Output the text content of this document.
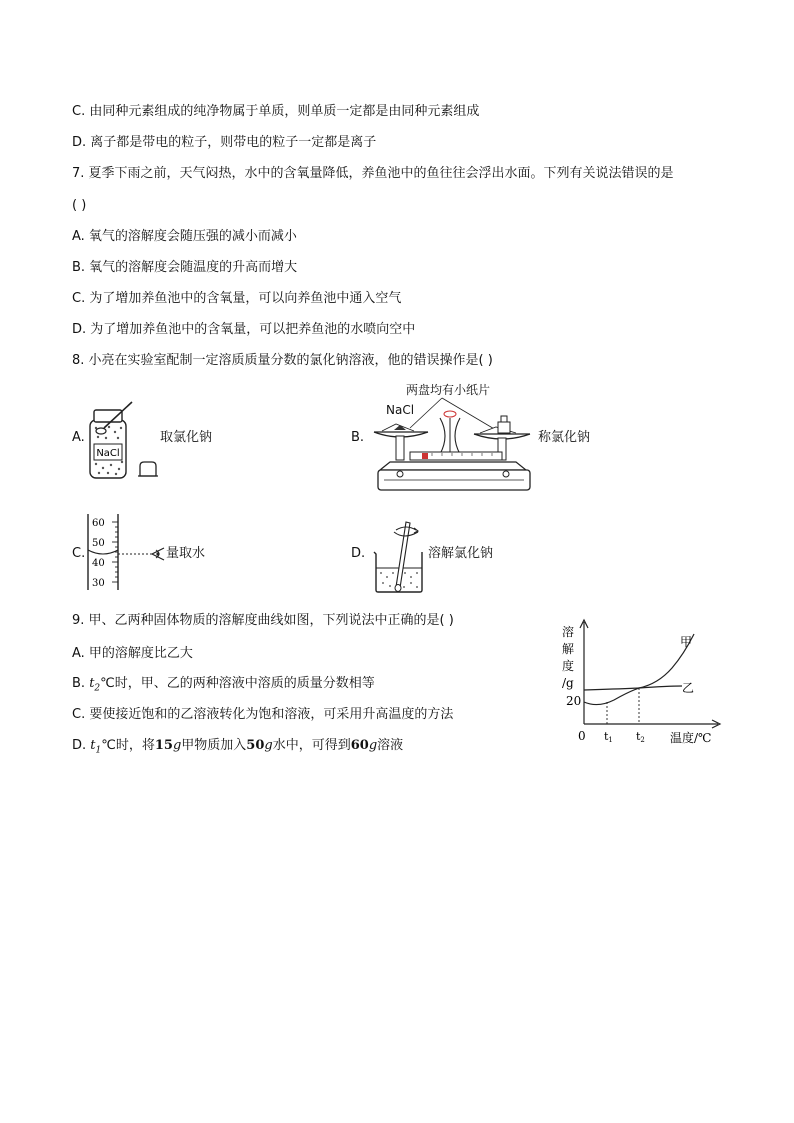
C. 由同种元素组成的纯净物属于单质，则单质一定都是由同种元素组成
D. 离子都是带电的粒子，则带电的粒子一定都是离子
7. 夏季下雨之前，天气闷热，水中的含氧量降低，养鱼池中的鱼往往会浮出水面。下列有关说法错误的是
( )
A. 氧气的溶解度会随压强的减小而减小
B. 氧气的溶解度会随温度的升高而增大
C. 为了增加养鱼池中的含氧量，可以向养鱼池中通入空气
D. 为了增加养鱼池中的含氧量，可以把养鱼池的水喷向空中
8. 小亮在实验室配制一定溶质质量分数的氯化钠溶液，他的错误操作是( )
A.
NaCl
取氯化钠	B.
两盘均有小纸片
NaCl
称氯化钠
C.
60
50
40
30
量取水	D.	溶解氯化钠
9. 甲、乙两种固体物质的溶解度曲线如图，下列说法中正确的是( )
A. 甲的溶解度比乙大
B. $t_2℃$时，甲、乙的两种溶液中溶质的质量分数相等
C. 要使接近饱和的乙溶液转化为饱和溶液，可采用升高温度的方法
D. $t_1℃$时，将15g甲物质加入50g水中，可得到60g溶液
溶
解
度
/g
20
0 t1 t2 温度/℃
甲
乙
